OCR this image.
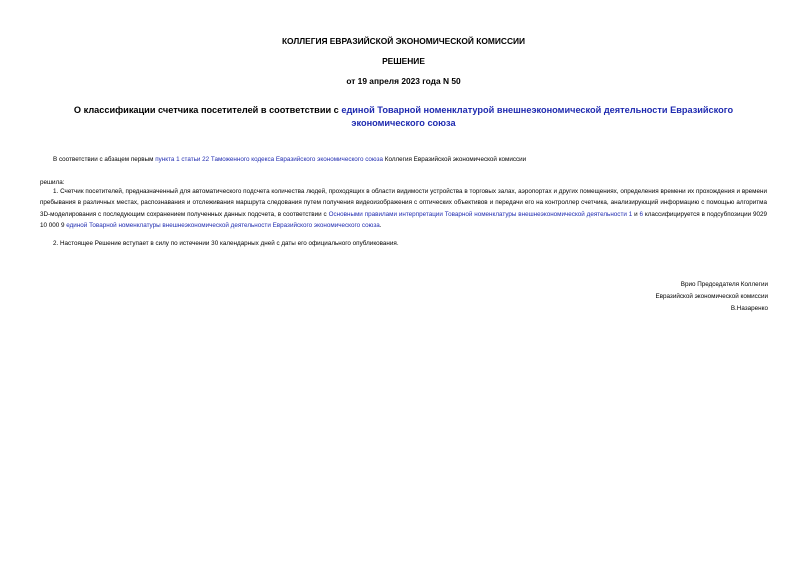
КОЛЛЕГИЯ ЕВРАЗИЙСКОЙ ЭКОНОМИЧЕСКОЙ КОМИССИИ
РЕШЕНИЕ
от 19 апреля 2023 года N 50
О классификации счетчика посетителей в соответствии с единой Товарной номенклатурой внешнеэкономической деятельности Евразийского экономического союза
В соответствии с абзацем первым пункта 1 статьи 22 Таможенного кодекса Евразийского экономического союза Коллегия Евразийской экономической комиссии
решила:
1. Счетчик посетителей, предназначенный для автоматического подсчета количества людей, проходящих в области видимости устройства в торговых залах, аэропортах и других помещениях, определения времени их прохождения и времени пребывания в различных местах, распознавания и отслеживания маршрута следования путем получения видеоизображения с оптических объективов и передачи его на контроллер счетчика, анализирующий информацию с помощью алгоритма 3D-моделирования с последующим сохранением полученных данных подсчета, в соответствии с Основными правилами интерпретации Товарной номенклатуры внешнеэкономической деятельности 1 и 6 классифицируется в подсубпозиции 9029 10 000 9 единой Товарной номенклатуры внешнеэкономической деятельности Евразийского экономического союза.
2. Настоящее Решение вступает в силу по истечении 30 календарных дней с даты его официального опубликования.
Врио Председателя Коллегии
Евразийской экономической комиссии
В.Назаренко
